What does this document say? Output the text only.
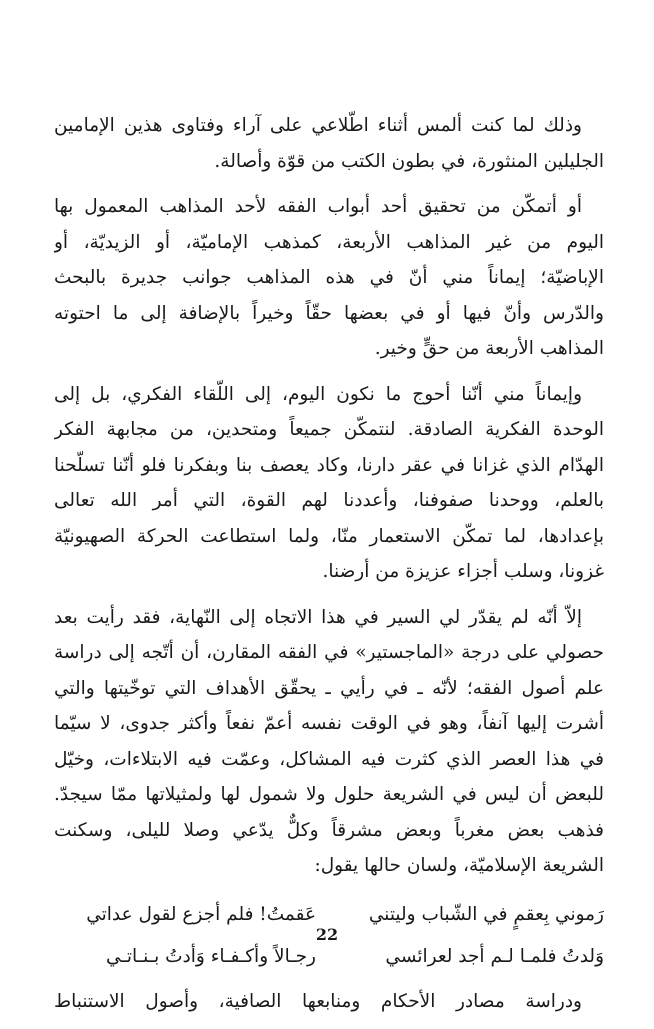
وذلك لما كنت ألمس أثناء اطّلاعي على آراء وفتاوى هذين الإمامين
الجليلين المنثورة، في بطون الكتب من قوّة وأصالة.
أو أتمكّن من تحقيق أحد أبواب الفقه لأحد المذاهب المعمول بها
اليوم من غير المذاهب الأربعة، كمذهب الإماميّة، أو الزيديّة، أو
الإباضيّة؛ إيماناً مني أنّ في هذه المذاهب جوانب جديرة بالبحث
والدّرس وأنّ فيها أو في بعضها حقّاً وخيراً بالإضافة إلى ما احتوته
المذاهب الأربعة من حقٍّ وخير.
وإيماناً مني أنّنا أحوج ما نكون اليوم، إلى اللّقاء الفكري، بل إلى
الوحدة الفكرية الصادقة. لنتمكّن جميعاً ومتحدين، من مجابهة الفكر
الهدّام الذي غزانا في عقر دارنا، وكاد يعصف بنا وبفكرنا فلو أنّنا تسلّحنا
بالعلم، ووحدنا صفوفنا، وأعددنا لهم القوة، التي أمر الله تعالى
بإعدادها، لما تمكّن الاستعمار منّا، ولما استطاعت الحركة الصهيونيّة
غزونا، وسلب أجزاء عزيزة من أرضنا.
إلاّ أنّه لم يقدّر لي السير في هذا الاتجاه إلى النّهاية، فقد رأيت بعد
حصولي على درجة «الماجستير» في الفقه المقارن، أن أتّجه إلى دراسة
علم أصول الفقه؛ لأنّه ـ في رأيي ـ يحقّق الأهداف التي توخّيتها والتي
أشرت إليها آنفاً، وهو في الوقت نفسه أعمّ نفعاً وأكثر جدوى، لا سيّما
في هذا العصر الذي كثرت فيه المشاكل، وعمّت فيه الابتلاءات، وخيّل
للبعض أن ليس في الشريعة حلول ولا شمول لها ولمثيلاتها ممّا سيجدّ.
فذهب بعض مغرباً وبعض مشرقاً وكلٌّ يدّعي وصلا لليلى، وسكنت
الشريعة الإسلاميّة، ولسان حالها يقول:
رَموني بِعقمٍ في الشّباب وليتني
عَقمتُ! فلم أجزع لقول عداتي
وَلدتُ فلمـا لـم أجد لعرائسي
رجـالاً وأكـفـاء وَأدتُ بـنـاتـي
ودراسة مصادر الأحكام ومنابعها الصافية، وأصول الاستنباط
22
